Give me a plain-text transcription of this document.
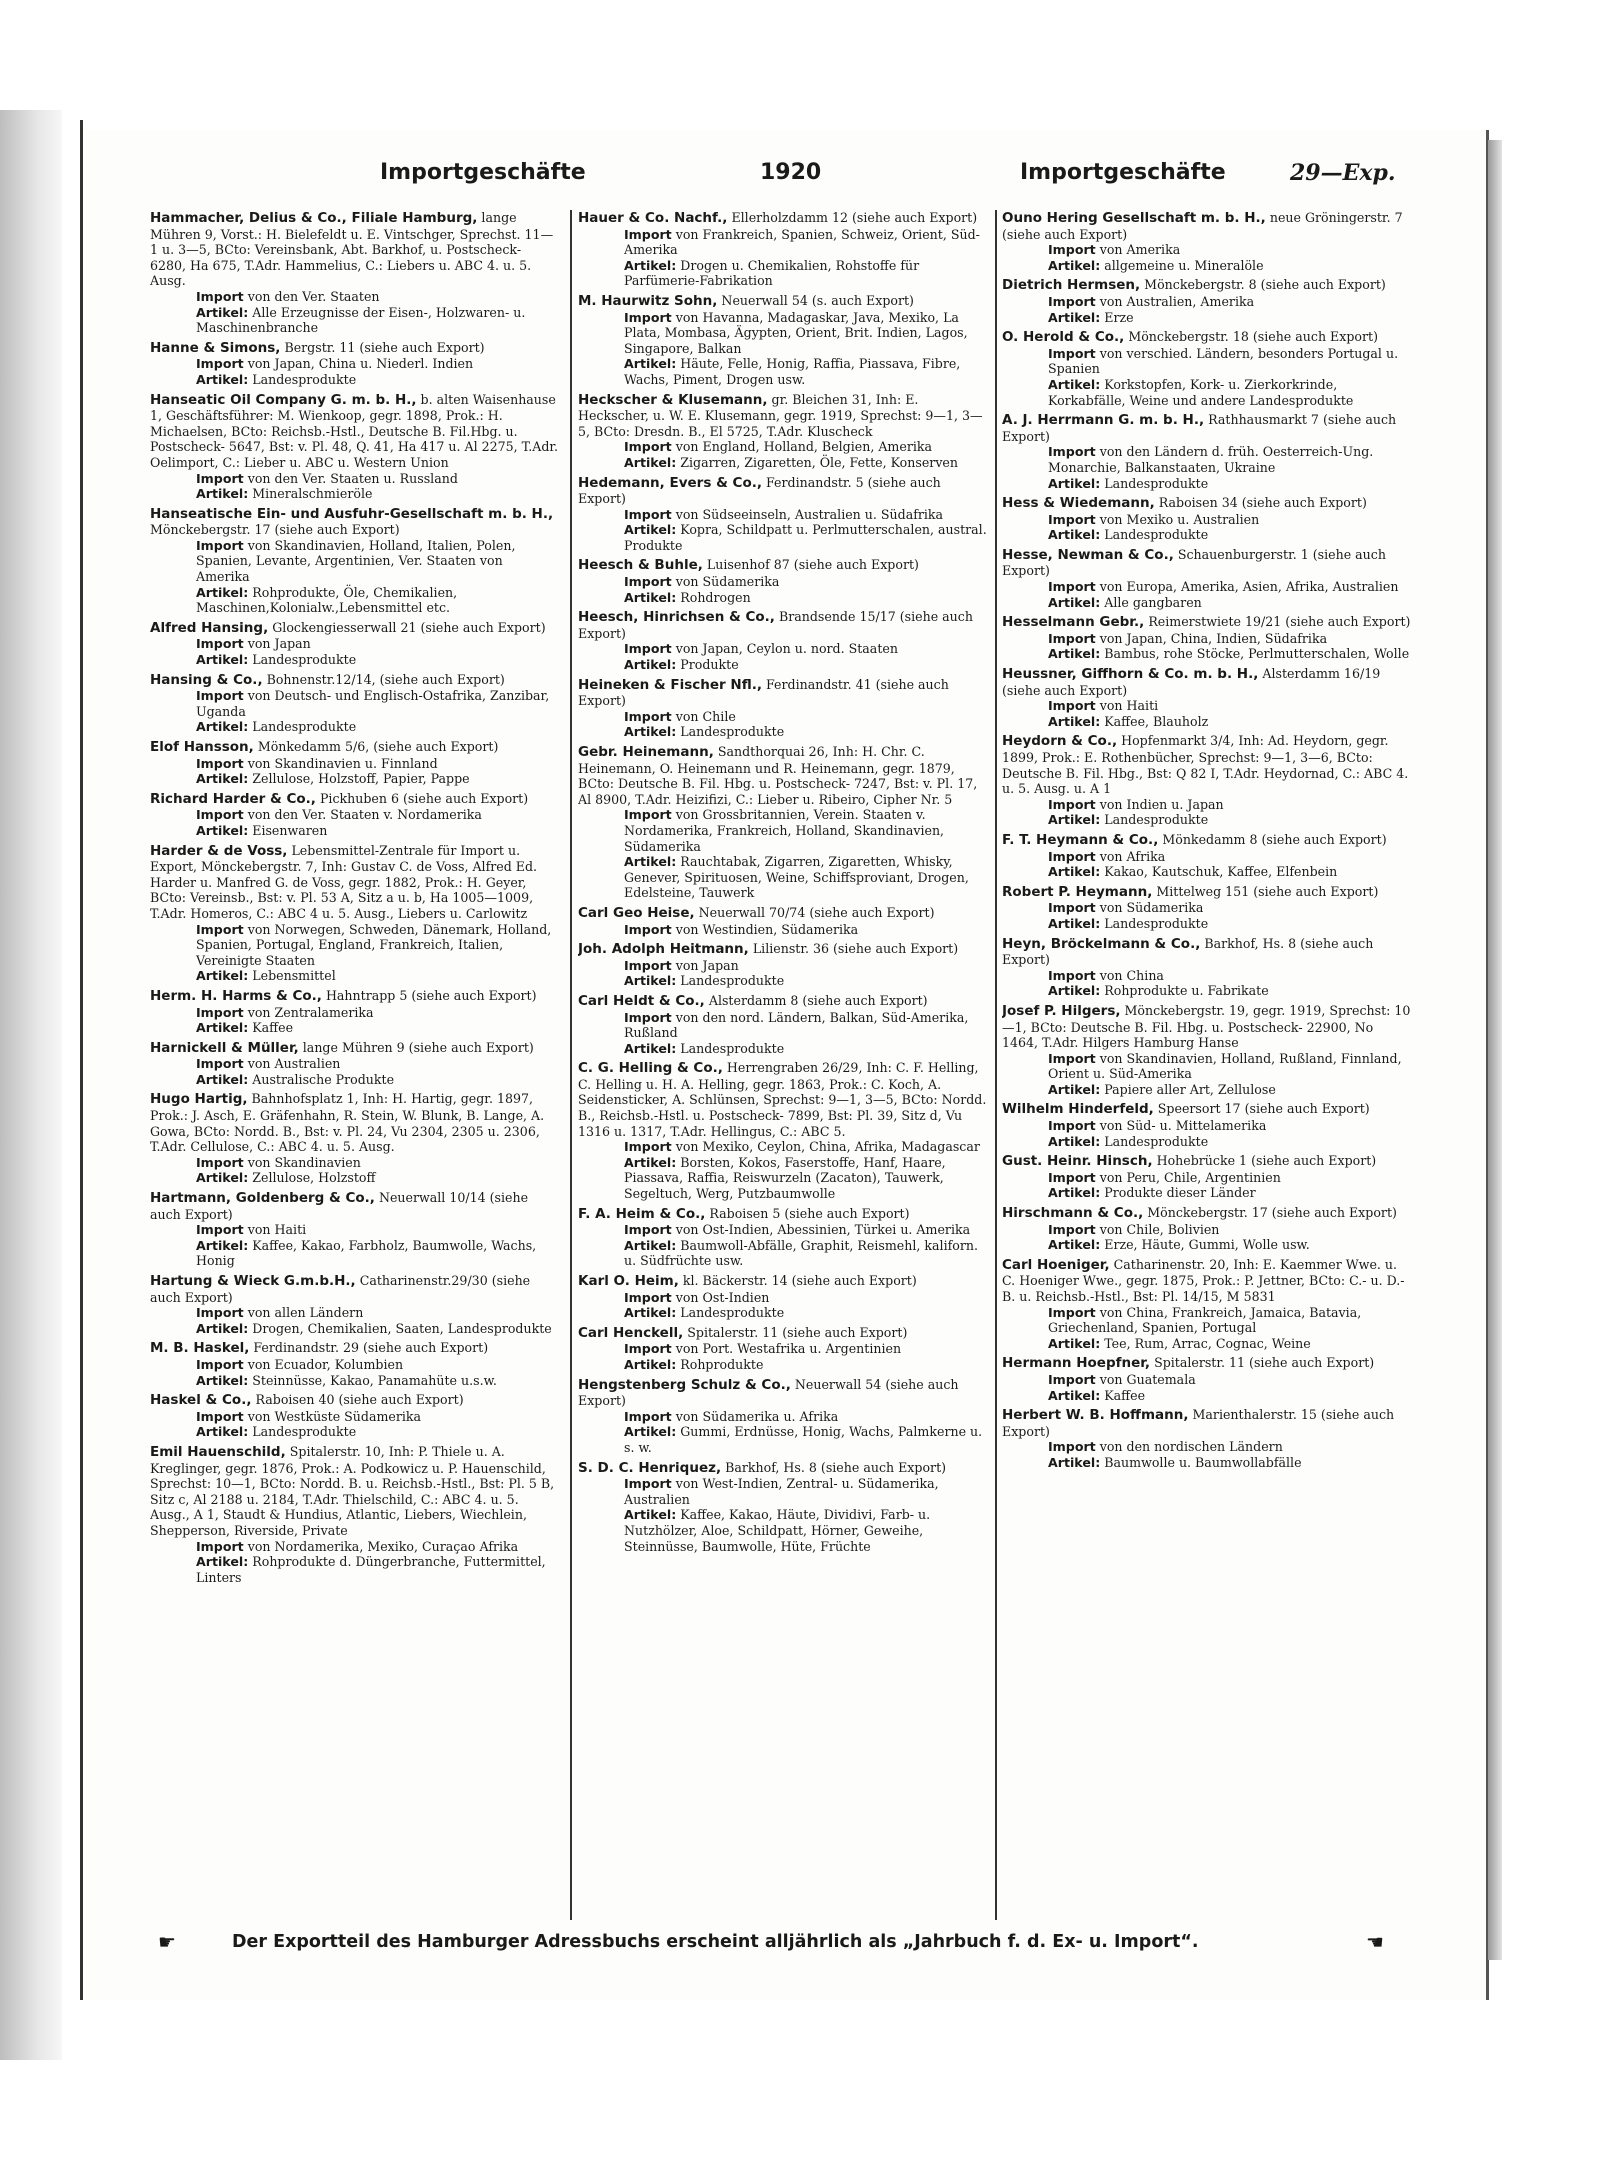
Importgeschäfte	1920	Importgeschäfte	29—Exp.
Hammacher, Delius & Co., Filiale Hamburg, lange Mühren 9, Vorst.: H. Bielefeldt u. E. Vintschger, Sprechst. 11—1 u. 3—5, BCto: Vereinsbank, Abt. Barkhof, u. Postscheck- 6280, Ha 675, T.Adr. Hammelius, C.: Liebers u. ABC 4. u. 5. Ausg.
Import von den Ver. Staaten
Artikel: Alle Erzeugnisse der Eisen-, Holzwaren- u. Maschinenbranche
Hanne & Simons, Bergstr. 11 (siehe auch Export)
Import von Japan, China u. Niederl. Indien
Artikel: Landesprodukte
Hanseatic Oil Company G. m. b. H., b. alten Waisenhause 1, Geschäftsführer: M. Wienkoop, gegr. 1898, Prok.: H. Michaelsen, BCto: Reichsb.-Hstl., Deutsche B. Fil.Hbg. u. Postscheck- 5647, Bst: v. Pl. 48, Q. 41, Ha 417 u. Al 2275, T.Adr. Oelimport, C.: Lieber u. ABC u. Western Union
Import von den Ver. Staaten u. Russland
Artikel: Mineralschmieröle
Hanseatische Ein- und Ausfuhr-Gesellschaft m. b. H., Mönckebergstr. 17 (siehe auch Export)
Import von Skandinavien, Holland, Italien, Polen, Spanien, Levante, Argentinien, Ver. Staaten von Amerika
Artikel: Rohprodukte, Öle, Chemikalien, Maschinen,Kolonialw.,Lebensmittel etc.
Alfred Hansing, Glockengiesserwall 21 (siehe auch Export)
Import von Japan
Artikel: Landesprodukte
Hansing & Co., Bohnenstr.12/14, (siehe auch Export)
Import von Deutsch- und Englisch-Ostafrika, Zanzibar, Uganda
Artikel: Landesprodukte
Elof Hansson, Mönkedamm 5/6, (siehe auch Export)
Import von Skandinavien u. Finnland
Artikel: Zellulose, Holzstoff, Papier, Pappe
Richard Harder & Co., Pickhuben 6 (siehe auch Export)
Import von den Ver. Staaten v. Nordamerika
Artikel: Eisenwaren
Harder & de Voss, Lebensmittel-Zentrale für Import u. Export, Mönckebergstr. 7, Inh: Gustav C. de Voss, Alfred Ed. Harder u. Manfred G. de Voss, gegr. 1882, Prok.: H. Geyer, BCto: Vereinsb., Bst: v. Pl. 53 A, Sitz a u. b, Ha 1005—1009, T.Adr. Homeros, C.: ABC 4 u. 5. Ausg., Liebers u. Carlowitz
Import von Norwegen, Schweden, Dänemark, Holland, Spanien, Portugal, England, Frankreich, Italien, Vereinigte Staaten
Artikel: Lebensmittel
Herm. H. Harms & Co., Hahntrapp 5 (siehe auch Export)
Import von Zentralamerika
Artikel: Kaffee
Harnickell & Müller, lange Mühren 9 (siehe auch Export)
Import von Australien
Artikel: Australische Produkte
Hugo Hartig, Bahnhofsplatz 1, Inh: H. Hartig, gegr. 1897, Prok.: J. Asch, E. Gräfenhahn, R. Stein, W. Blunk, B. Lange, A. Gowa, BCto: Nordd. B., Bst: v. Pl. 24, Vu 2304, 2305 u. 2306, T.Adr. Cellulose, C.: ABC 4. u. 5. Ausg.
Import von Skandinavien
Artikel: Zellulose, Holzstoff
Hartmann, Goldenberg & Co., Neuerwall 10/14 (siehe auch Export)
Import von Haiti
Artikel: Kaffee, Kakao, Farbholz, Baumwolle, Wachs, Honig
Hartung & Wieck G.m.b.H., Catharinenstr.29/30 (siehe auch Export)
Import von allen Ländern
Artikel: Drogen, Chemikalien, Saaten, Landesprodukte
M. B. Haskel, Ferdinandstr. 29 (siehe auch Export)
Import von Ecuador, Kolumbien
Artikel: Steinnüsse, Kakao, Panamahüte u.s.w.
Haskel & Co., Raboisen 40 (siehe auch Export)
Import von Westküste Südamerika
Artikel: Landesprodukte
Emil Hauenschild, Spitalerstr. 10, Inh: P. Thiele u. A. Kreglinger, gegr. 1876, Prok.: A. Podkowicz u. P. Hauenschild, Sprechst: 10—1, BCto: Nordd. B. u. Reichsb.-Hstl., Bst: Pl. 5 B, Sitz c, Al 2188 u. 2184, T.Adr. Thielschild, C.: ABC 4. u. 5. Ausg., A 1, Staudt & Hundius, Atlantic, Liebers, Wiechlein, Shepperson, Riverside, Private
Import von Nordamerika, Mexiko, Curaçao Afrika
Artikel: Rohprodukte d. Düngerbranche, Futtermittel, Linters
Hauer & Co. Nachf., Ellerholzdamm 12 (siehe auch Export)
Import von Frankreich, Spanien, Schweiz, Orient, Süd-Amerika
Artikel: Drogen u. Chemikalien, Rohstoffe für Parfümerie-Fabrikation
M. Haurwitz Sohn, Neuerwall 54 (s. auch Export)
Import von Havanna, Madagaskar, Java, Mexiko, La Plata, Mombasa, Ägypten, Orient, Brit. Indien, Lagos, Singapore, Balkan
Artikel: Häute, Felle, Honig, Raffia, Piassava, Fibre, Wachs, Piment, Drogen usw.
Heckscher & Klusemann, gr. Bleichen 31, Inh: E. Heckscher, u. W. E. Klusemann, gegr. 1919, Sprechst: 9—1, 3—5, BCto: Dresdn. B., El 5725, T.Adr. Kluscheck
Import von England, Holland, Belgien, Amerika
Artikel: Zigarren, Zigaretten, Öle, Fette, Konserven
Hedemann, Evers & Co., Ferdinandstr. 5 (siehe auch Export)
Import von Südseeinseln, Australien u. Südafrika
Artikel: Kopra, Schildpatt u. Perlmutterschalen, austral. Produkte
Heesch & Buhle, Luisenhof 87 (siehe auch Export)
Import von Südamerika
Artikel: Rohdrogen
Heesch, Hinrichsen & Co., Brandsende 15/17 (siehe auch Export)
Import von Japan, Ceylon u. nord. Staaten
Artikel: Produkte
Heineken & Fischer Nfl., Ferdinandstr. 41 (siehe auch Export)
Import von Chile
Artikel: Landesprodukte
Gebr. Heinemann, Sandthorquai 26, Inh: H. Chr. C. Heinemann, O. Heinemann und R. Heinemann, gegr. 1879, BCto: Deutsche B. Fil. Hbg. u. Postscheck- 7247, Bst: v. Pl. 17, Al 8900, T.Adr. Heizifizi, C.: Lieber u. Ribeiro, Cipher Nr. 5
Import von Grossbritannien, Verein. Staaten v. Nordamerika, Frankreich, Holland, Skandinavien, Südamerika
Artikel: Rauchtabak, Zigarren, Zigaretten, Whisky, Genever, Spirituosen, Weine, Schiffsproviant, Drogen, Edelsteine, Tauwerk
Carl Geo Heise, Neuerwall 70/74 (siehe auch Export)
Import von Westindien, Südamerika
Joh. Adolph Heitmann, Lilienstr. 36 (siehe auch Export)
Import von Japan
Artikel: Landesprodukte
Carl Heldt & Co., Alsterdamm 8 (siehe auch Export)
Import von den nord. Ländern, Balkan, Süd-Amerika, Rußland
Artikel: Landesprodukte
C. G. Helling & Co., Herrengraben 26/29, Inh: C. F. Helling, C. Helling u. H. A. Helling, gegr. 1863, Prok.: C. Koch, A. Seidensticker, A. Schlünsen, Sprechst: 9—1, 3—5, BCto: Nordd. B., Reichsb.-Hstl. u. Postscheck- 7899, Bst: Pl. 39, Sitz d, Vu 1316 u. 1317, T.Adr. Hellingus, C.: ABC 5.
Import von Mexiko, Ceylon, China, Afrika, Madagascar
Artikel: Borsten, Kokos, Faserstoffe, Hanf, Haare, Piassava, Raffia, Reiswurzeln (Zacaton), Tauwerk, Segeltuch, Werg, Putzbaumwolle
F. A. Heim & Co., Raboisen 5 (siehe auch Export)
Import von Ost-Indien, Abessinien, Türkei u. Amerika
Artikel: Baumwoll-Abfälle, Graphit, Reismehl, kaliforn. u. Südfrüchte usw.
Karl O. Heim, kl. Bäckerstr. 14 (siehe auch Export)
Import von Ost-Indien
Artikel: Landesprodukte
Carl Henckell, Spitalerstr. 11 (siehe auch Export)
Import von Port. Westafrika u. Argentinien
Artikel: Rohprodukte
Hengstenberg Schulz & Co., Neuerwall 54 (siehe auch Export)
Import von Südamerika u. Afrika
Artikel: Gummi, Erdnüsse, Honig, Wachs, Palmkerne u. s. w.
S. D. C. Henriquez, Barkhof, Hs. 8 (siehe auch Export)
Import von West-Indien, Zentral- u. Südamerika, Australien
Artikel: Kaffee, Kakao, Häute, Dividivi, Farb- u. Nutzhölzer, Aloe, Schildpatt, Hörner, Geweihe, Steinnüsse, Baumwolle, Hüte, Früchte
Ouno Hering Gesellschaft m. b. H., neue Gröningerstr. 7 (siehe auch Export)
Import von Amerika
Artikel: allgemeine u. Mineralöle
Dietrich Hermsen, Mönckebergstr. 8 (siehe auch Export)
Import von Australien, Amerika
Artikel: Erze
O. Herold & Co., Mönckebergstr. 18 (siehe auch Export)
Import von verschied. Ländern, besonders Portugal u. Spanien
Artikel: Korkstopfen, Kork- u. Zierkorkrinde, Korkabfälle, Weine und andere Landesprodukte
A. J. Herrmann G. m. b. H., Rathhausmarkt 7 (siehe auch Export)
Import von den Ländern d. früh. Oesterreich-Ung. Monarchie, Balkanstaaten, Ukraine
Artikel: Landesprodukte
Hess & Wiedemann, Raboisen 34 (siehe auch Export)
Import von Mexiko u. Australien
Artikel: Landesprodukte
Hesse, Newman & Co., Schauenburgerstr. 1 (siehe auch Export)
Import von Europa, Amerika, Asien, Afrika, Australien
Artikel: Alle gangbaren
Hesselmann Gebr., Reimerstwiete 19/21 (siehe auch Export)
Import von Japan, China, Indien, Südafrika
Artikel: Bambus, rohe Stöcke, Perlmutterschalen, Wolle
Heussner, Giffhorn & Co. m. b. H., Alsterdamm 16/19 (siehe auch Export)
Import von Haiti
Artikel: Kaffee, Blauholz
Heydorn & Co., Hopfenmarkt 3/4, Inh: Ad. Heydorn, gegr. 1899, Prok.: E. Rothenbücher, Sprechst: 9—1, 3—6, BCto: Deutsche B. Fil. Hbg., Bst: Q 82 I, T.Adr. Heydornad, C.: ABC 4. u. 5. Ausg. u. A 1
Import von Indien u. Japan
Artikel: Landesprodukte
F. T. Heymann & Co., Mönkedamm 8 (siehe auch Export)
Import von Afrika
Artikel: Kakao, Kautschuk, Kaffee, Elfenbein
Robert P. Heymann, Mittelweg 151 (siehe auch Export)
Import von Südamerika
Artikel: Landesprodukte
Heyn, Bröckelmann & Co., Barkhof, Hs. 8 (siehe auch Export)
Import von China
Artikel: Rohprodukte u. Fabrikate
Josef P. Hilgers, Mönckebergstr. 19, gegr. 1919, Sprechst: 10—1, BCto: Deutsche B. Fil. Hbg. u. Postscheck- 22900, No 1464, T.Adr. Hilgers Hamburg Hanse
Import von Skandinavien, Holland, Rußland, Finnland, Orient u. Süd-Amerika
Artikel: Papiere aller Art, Zellulose
Wilhelm Hinderfeld, Speersort 17 (siehe auch Export)
Import von Süd- u. Mittelamerika
Artikel: Landesprodukte
Gust. Heinr. Hinsch, Hohebrücke 1 (siehe auch Export)
Import von Peru, Chile, Argentinien
Artikel: Produkte dieser Länder
Hirschmann & Co., Mönckebergstr. 17 (siehe auch Export)
Import von Chile, Bolivien
Artikel: Erze, Häute, Gummi, Wolle usw.
Carl Hoeniger, Catharinenstr. 20, Inh: E. Kaemmer Wwe. u. C. Hoeniger Wwe., gegr. 1875, Prok.: P. Jettner, BCto: C.- u. D.-B. u. Reichsb.-Hstl., Bst: Pl. 14/15, M 5831
Import von China, Frankreich, Jamaica, Batavia, Griechenland, Spanien, Portugal
Artikel: Tee, Rum, Arrac, Cognac, Weine
Hermann Hoepfner, Spitalerstr. 11 (siehe auch Export)
Import von Guatemala
Artikel: Kaffee
Herbert W. B. Hoffmann, Marienthalerstr. 15 (siehe auch Export)
Import von den nordischen Ländern
Artikel: Baumwolle u. Baumwollabfälle
☛	Der Exportteil des Hamburger Adressbuchs erscheint alljährlich als „Jahrbuch f. d. Ex- u. Import“.	☚
